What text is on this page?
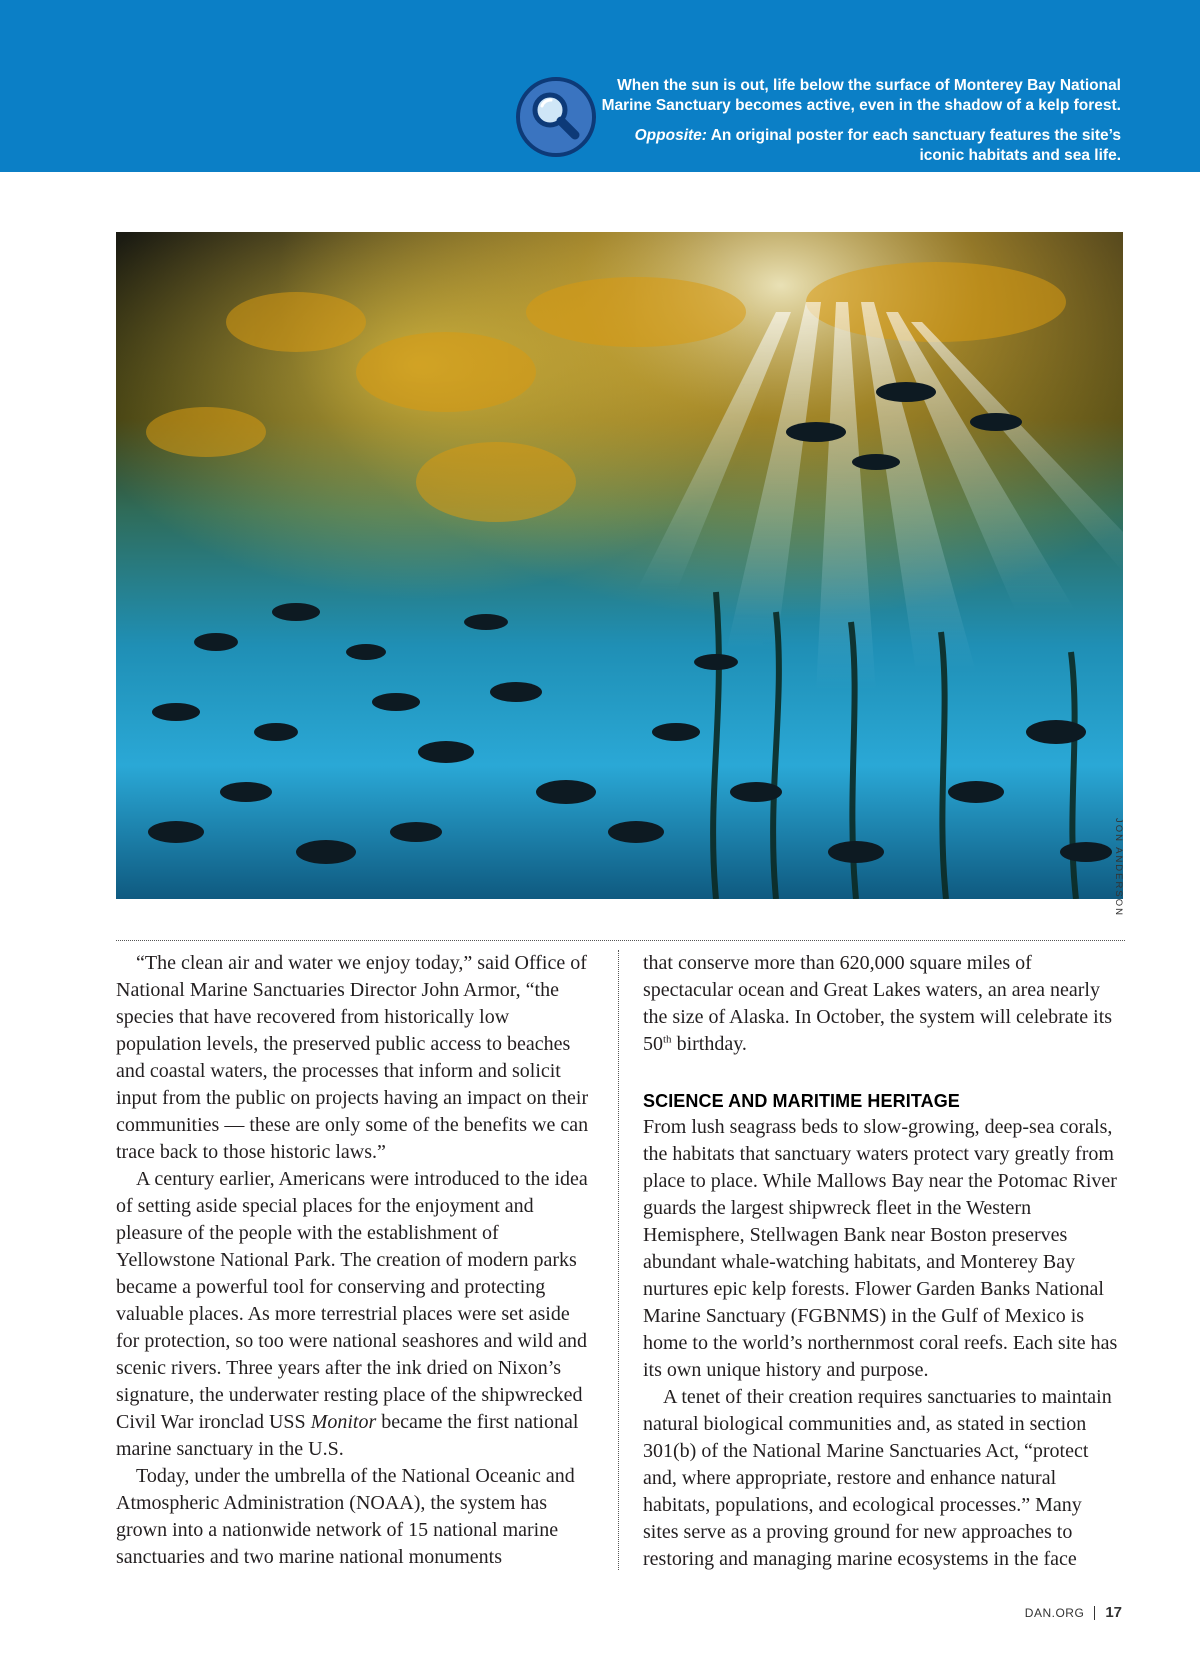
When the sun is out, life below the surface of Monterey Bay National Marine Sanctuary becomes active, even in the shadow of a kelp forest.

Opposite: An original poster for each sanctuary features the site’s iconic habitats and sea life.

JON ANDERSON

“The clean air and water we enjoy today,” said Office of National Marine Sanctuaries Director John Armor, “the species that have recovered from historically low population levels, the preserved public access to beaches and coastal waters, the processes that inform and solicit input from the public on projects having an impact on their communities — these are only some of the benefits we can trace back to those historic laws.”

A century earlier, Americans were introduced to the idea of setting aside special places for the enjoyment and pleasure of the people with the establishment of Yellowstone National Park. The creation of modern parks became a powerful tool for conserving and protecting valuable places. As more terrestrial places were set aside for protection, so too were national seashores and wild and scenic rivers. Three years after the ink dried on Nixon’s signature, the underwater resting place of the shipwrecked Civil War ironclad USS Monitor became the first national marine sanctuary in the U.S.

Today, under the umbrella of the National Oceanic and Atmospheric Administration (NOAA), the system has grown into a nationwide network of 15 national marine sanctuaries and two marine national monuments

that conserve more than 620,000 square miles of spectacular ocean and Great Lakes waters, an area nearly the size of Alaska. In October, the system will celebrate its 50th birthday.

SCIENCE AND MARITIME HERITAGE

From lush seagrass beds to slow-growing, deep-sea corals, the habitats that sanctuary waters protect vary greatly from place to place. While Mallows Bay near the Potomac River guards the largest shipwreck fleet in the Western Hemisphere, Stellwagen Bank near Boston preserves abundant whale-watching habitats, and Monterey Bay nurtures epic kelp forests. Flower Garden Banks National Marine Sanctuary (FGBNMS) in the Gulf of Mexico is home to the world’s northernmost coral reefs. Each site has its own unique history and purpose.

A tenet of their creation requires sanctuaries to maintain natural biological communities and, as stated in section 301(b) of the National Marine Sanctuaries Act, “protect and, where appropriate, restore and enhance natural habitats, populations, and ecological processes.” Many sites serve as a proving ground for new approaches to restoring and managing marine ecosystems in the face

DAN.ORG 17
